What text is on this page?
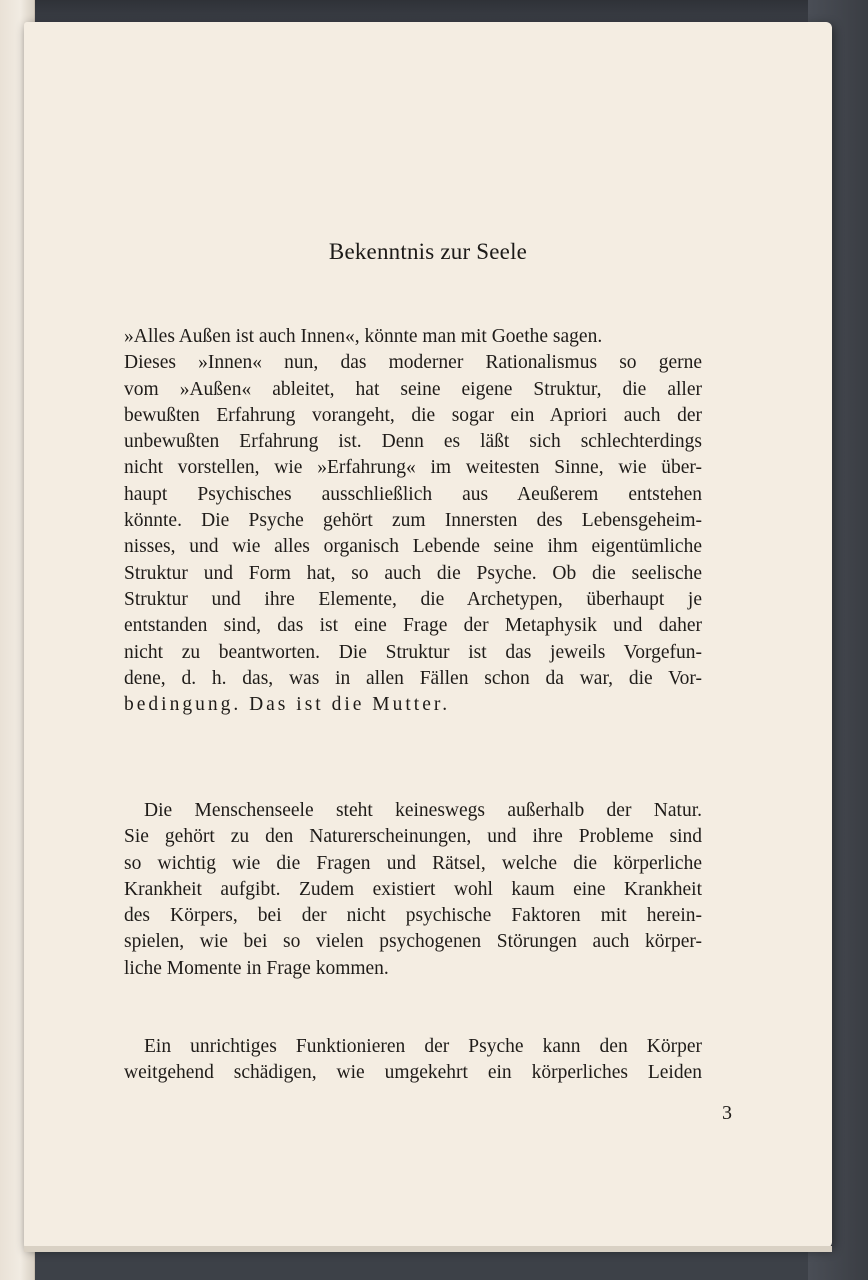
Bekenntnis zur Seele
»Alles Außen ist auch Innen«, könnte man mit Goethe sagen.
Dieses »Innen« nun, das moderner Rationalismus so gerne
vom »Außen« ableitet, hat seine eigene Struktur, die aller
bewußten Erfahrung vorangeht, die sogar ein Apriori auch der
unbewußten Erfahrung ist. Denn es läßt sich schlechterdings
nicht vorstellen, wie »Erfahrung« im weitesten Sinne, wie über-
haupt Psychisches ausschließlich aus Aeußerem entstehen
könnte. Die Psyche gehört zum Innersten des Lebensgeheim-
nisses, und wie alles organisch Lebende seine ihm eigentümliche
Struktur und Form hat, so auch die Psyche. Ob die seelische
Struktur und ihre Elemente, die Archetypen, überhaupt je
entstanden sind, das ist eine Frage der Metaphysik und daher
nicht zu beantworten. Die Struktur ist das jeweils Vorgefun-
dene, d. h. das, was in allen Fällen schon da war, die Vor-
bedingung. Das ist die Mutter.
Die Menschenseele steht keineswegs außerhalb der Natur.
Sie gehört zu den Naturerscheinungen, und ihre Probleme sind
so wichtig wie die Fragen und Rätsel, welche die körperliche
Krankheit aufgibt. Zudem existiert wohl kaum eine Krankheit
des Körpers, bei der nicht psychische Faktoren mit herein-
spielen, wie bei so vielen psychogenen Störungen auch körper-
liche Momente in Frage kommen.
Ein unrichtiges Funktionieren der Psyche kann den Körper
weitgehend schädigen, wie umgekehrt ein körperliches Leiden
3
